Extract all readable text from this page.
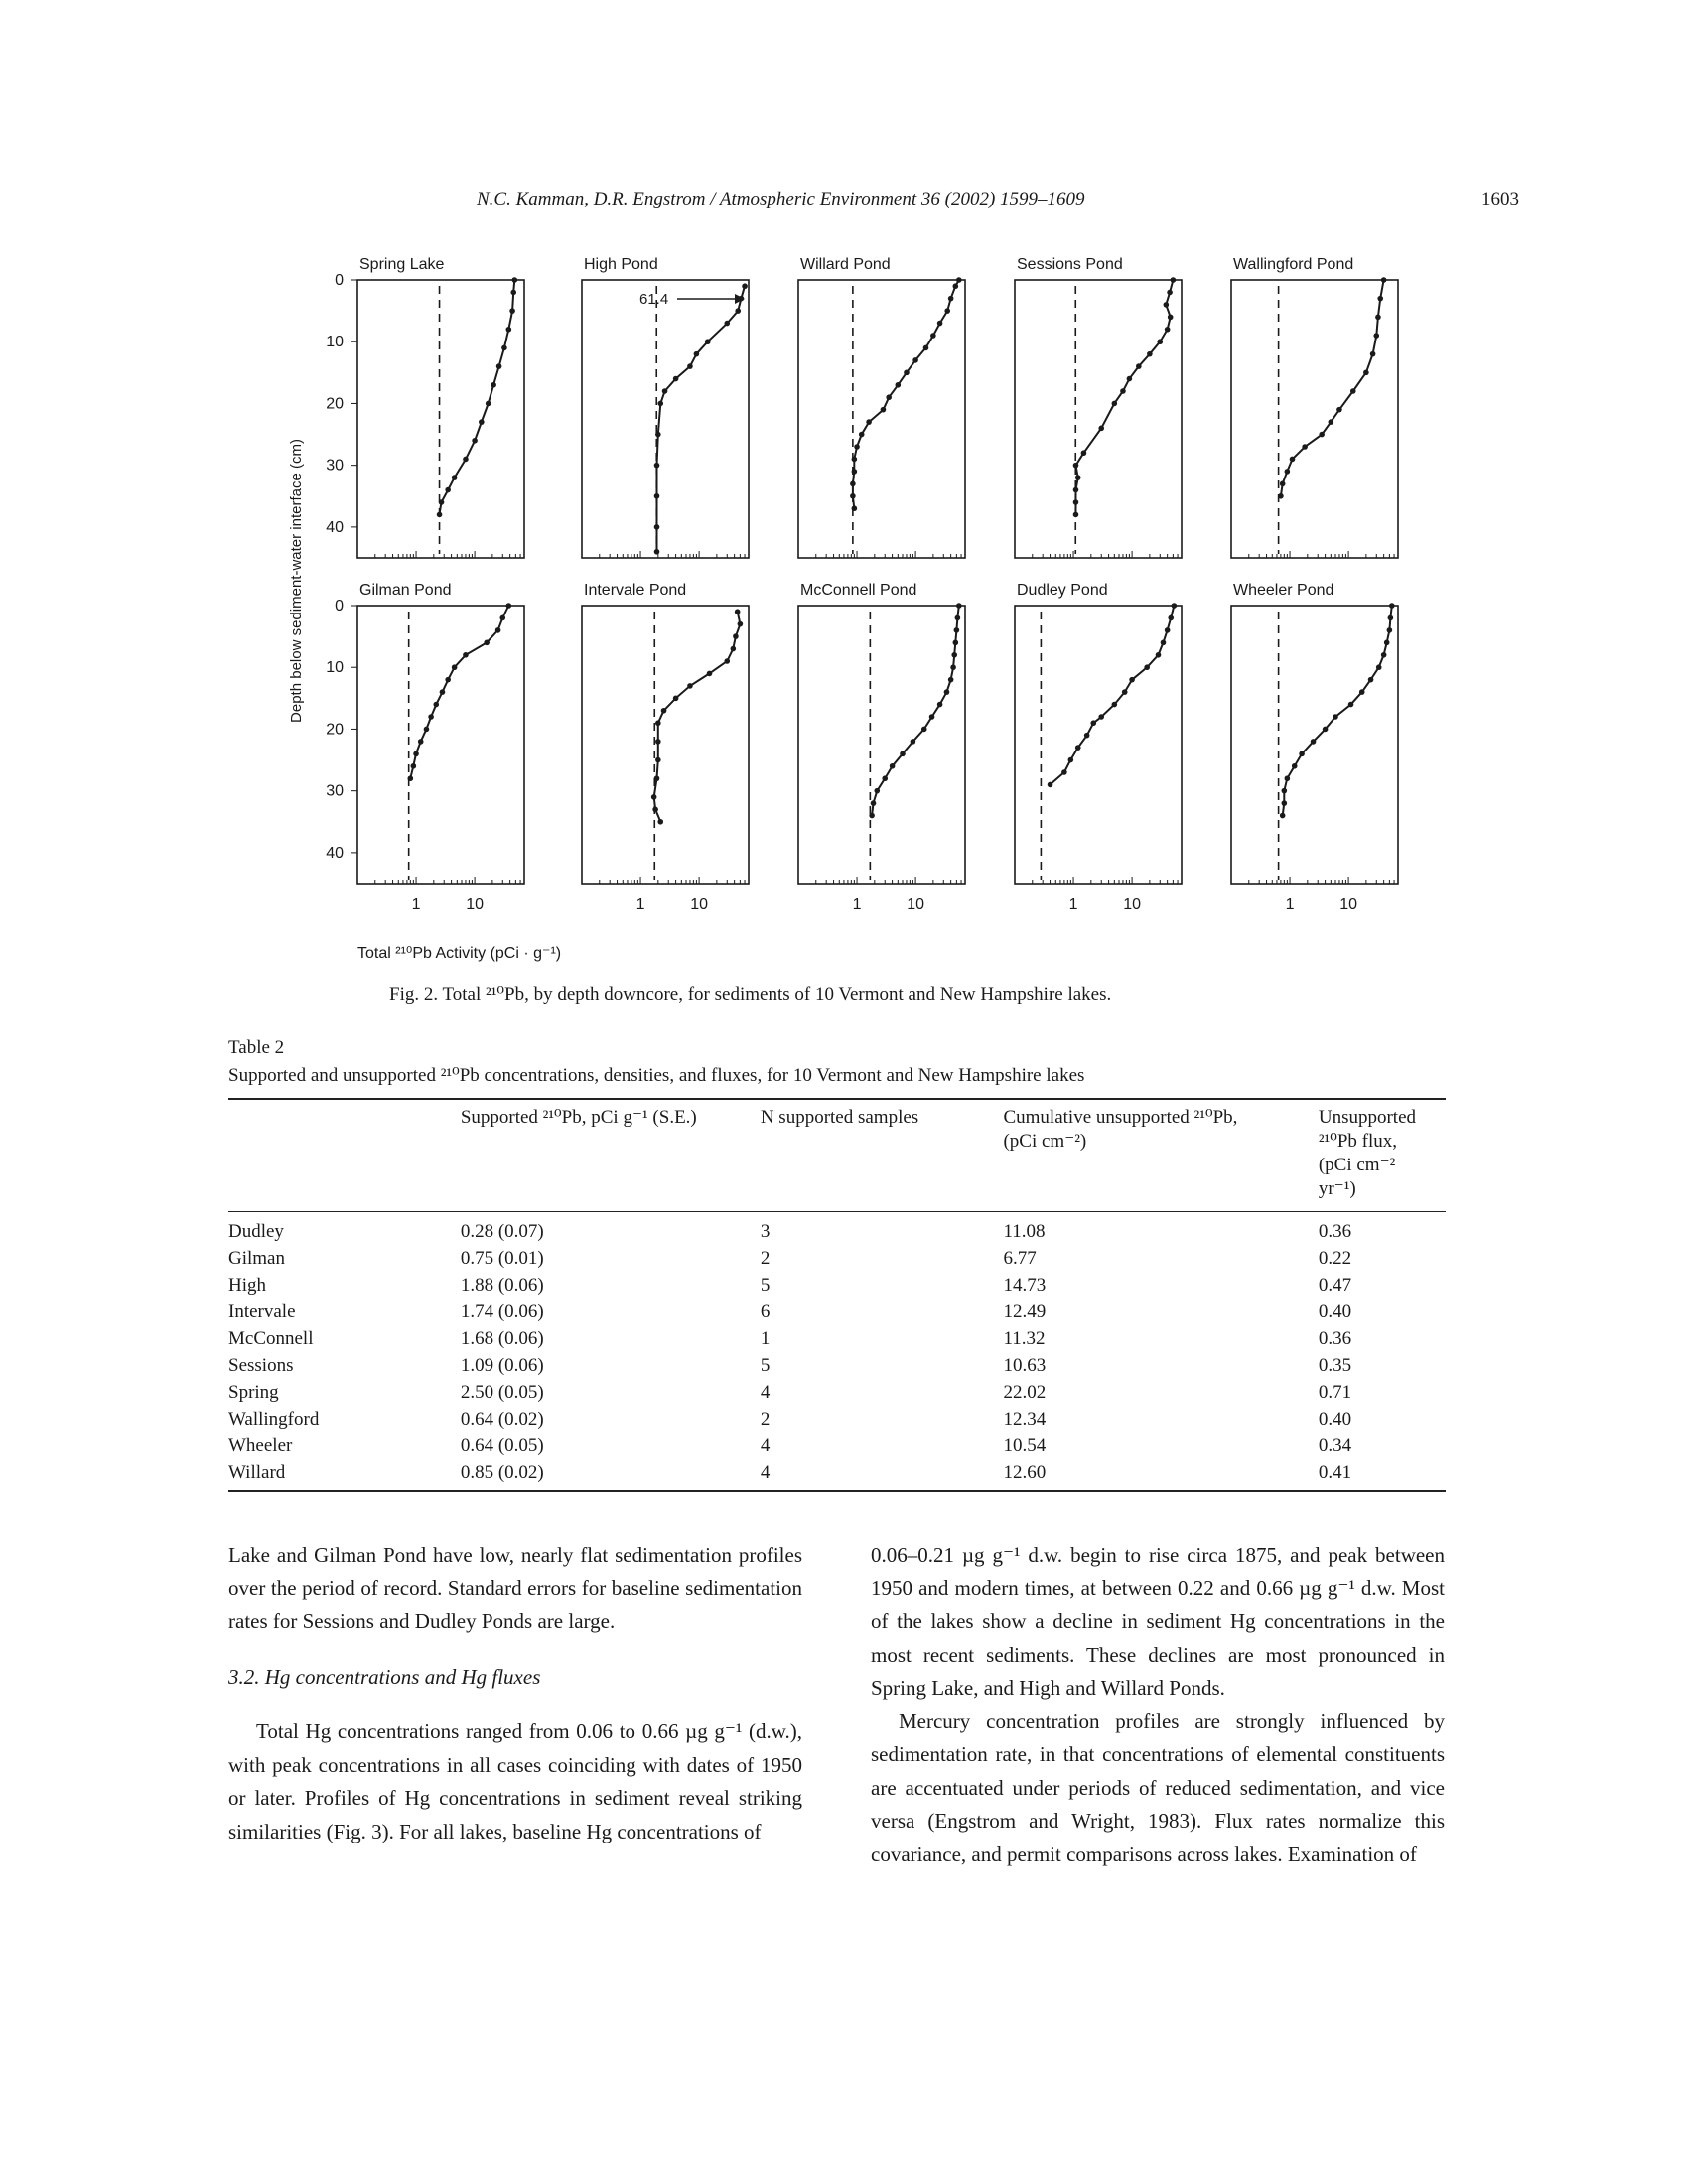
N.C. Kamman, D.R. Engstrom / Atmospheric Environment 36 (2002) 1599–1609	1603
Spring Lake
0
10
20
30
40
High Pond
61.4
Willard Pond	Sessions Pond	Wallingford Pond
Gilman Pond
1	10
0
10
20
30
40
Intervale Pond
1	10
McConnell Pond
1	10
Dudley Pond
1	10
Wheeler Pond
1	10
Depth below sediment-water interface (cm)
Total ²¹⁰Pb Activity (pCi · g⁻¹)
Fig. 2. Total ²¹⁰Pb, by depth downcore, for sediments of 10 Vermont and New Hampshire lakes.
Table 2
Supported and unsupported ²¹⁰Pb concentrations, densities, and fluxes, for 10 Vermont and New Hampshire lakes
	Supported ²¹⁰Pb, pCi g⁻¹ (S.E.)	N supported samples	Cumulative unsupported ²¹⁰Pb, (pCi cm⁻²)	Unsupported ²¹⁰Pb flux, (pCi cm⁻² yr⁻¹)
Dudley	0.28 (0.07)	3	11.08	0.36
Gilman	0.75 (0.01)	2	6.77	0.22
High	1.88 (0.06)	5	14.73	0.47
Intervale	1.74 (0.06)	6	12.49	0.40
McConnell	1.68 (0.06)	1	11.32	0.36
Sessions	1.09 (0.06)	5	10.63	0.35
Spring	2.50 (0.05)	4	22.02	0.71
Wallingford	0.64 (0.02)	2	12.34	0.40
Wheeler	0.64 (0.05)	4	10.54	0.34
Willard	0.85 (0.02)	4	12.60	0.41

Lake and Gilman Pond have low, nearly flat sedimentation profiles over the period of record. Standard errors for baseline sedimentation rates for Sessions and Dudley Ponds are large.

3.2. Hg concentrations and Hg fluxes

Total Hg concentrations ranged from 0.06 to 0.66 µg g⁻¹ (d.w.), with peak concentrations in all cases coinciding with dates of 1950 or later. Profiles of Hg concentrations in sediment reveal striking similarities (Fig. 3). For all lakes, baseline Hg concentrations of

0.06–0.21 µg g⁻¹ d.w. begin to rise circa 1875, and peak between 1950 and modern times, at between 0.22 and 0.66 µg g⁻¹ d.w. Most of the lakes show a decline in sediment Hg concentrations in the most recent sediments. These declines are most pronounced in Spring Lake, and High and Willard Ponds.

Mercury concentration profiles are strongly influenced by sedimentation rate, in that concentrations of elemental constituents are accentuated under periods of reduced sedimentation, and vice versa (Engstrom and Wright, 1983). Flux rates normalize this covariance, and permit comparisons across lakes. Examination of
